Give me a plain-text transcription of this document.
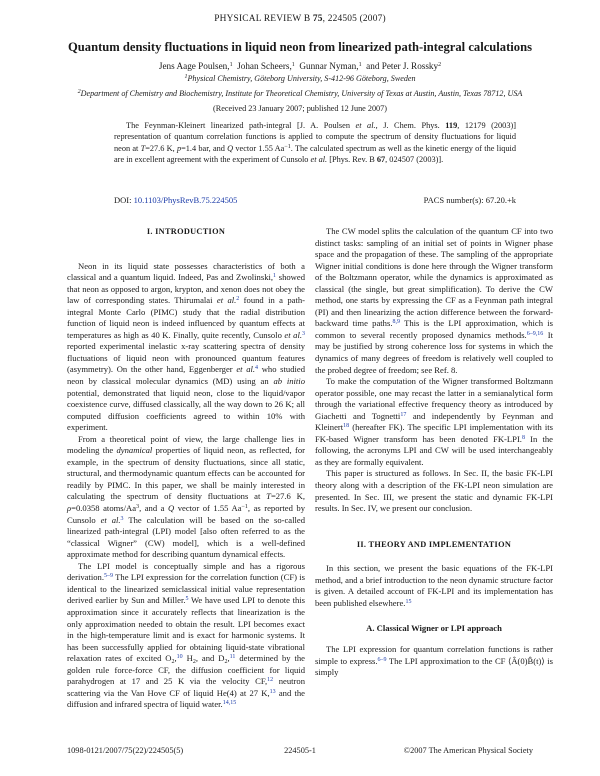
PHYSICAL REVIEW B 75, 224505 (2007)
Quantum density fluctuations in liquid neon from linearized path-integral calculations
Jens Aage Poulsen,$^1$ Johan Scheers,$^1$ Gunnar Nyman,$^1$ and Peter J. Rossky$^2$
$^1$Physical Chemistry, Göteborg University, S-412-96 Göteborg, Sweden
$^2$Department of Chemistry and Biochemistry, Institute for Theoretical Chemistry, University of Texas at Austin, Austin, Texas 78712, USA
(Received 23 January 2007; published 12 June 2007)
The Feynman-Kleinert linearized path-integral [J. A. Poulsen et al., J. Chem. Phys. 119, 12179 (2003)] representation of quantum correlation functions is applied to compute the spectrum of density fluctuations for liquid neon at T=27.6 K, p=1.4 bar, and Q vector 1.55 $Aa^{-1}$. The calculated spectrum as well as the kinetic energy of the liquid are in excellent agreement with the experiment of Cunsolo et al. [Phys. Rev. B 67, 024507 (2003)].
DOI: 10.1103/PhysRevB.75.224505	PACS number(s): 67.20.+k
I. INTRODUCTION

Neon in its liquid state possesses characteristics of both a classical and a quantum liquid. Indeed, Pas and Zwolinski,$^1$ showed that neon as opposed to argon, krypton, and xenon does not obey the law of corresponding states. Thirumalai et al.$^2$ found in a path-integral Monte Carlo (PIMC) study that the radial distribution function of liquid neon is indeed influenced by quantum effects at temperatures as high as 40 K. Finally, quite recently, Cunsolo et al.$^3$ reported experimental inelastic x-ray scattering spectra of density fluctuations of liquid neon with pronounced quantum features (asymmetry). On the other hand, Eggenberger et al.$^4$ who studied neon by classical molecular dynamics (MD) using an ab initio potential, demonstrated that liquid neon, close to the liquid/vapor coexistence curve, diffused classically, all the way down to 26 K; all computed diffusion coefficients agreed to within 10% with experiment.

From a theoretical point of view, the large challenge lies in modeling the dynamical properties of liquid neon, as reflected, for example, in the spectrum of density fluctuations, since all static, structural, and thermodynamic quantum effects can be accounted for readily by PIMC. In this paper, we shall be mainly interested in calculating the spectrum of density fluctuations at T=27.6 K, ρ=0.0358 atoms/Aa$^3$, and a Q vector of 1.55 $Aa^{-1}$, as reported by Cunsolo et al.$^3$ The calculation will be based on the so-called linearized path-integral (LPI) model [also often referred to as the “classical Wigner” (CW) model], which is a well-defined approximate method for describing quantum dynamical effects.

The LPI model is conceptually simple and has a rigorous derivation.$^{5-9}$ The LPI expression for the correlation function (CF) is identical to the linearized semiclassical initial value representation derived earlier by Sun and Miller.$^5$ We have used LPI to denote this approximation since it accurately reflects that linearization is the only approximation needed to obtain the result. LPI becomes exact in the high-temperature limit and is exact for harmonic systems. It has been successfully applied for obtaining liquid-state vibrational relaxation rates of excited $O_2,^{10}$ $H_2$, and $D_2,^{11}$ determined by the golden rule force-force CF, the diffusion coefficient for liquid parahydrogen at 17 and 25 K via the velocity CF,$^{12}$ neutron scattering via the Van Hove CF of liquid He(4) at 27 K,$^{13}$ and the diffusion and infrared spectra of liquid water.$^{14,15}$

The CW model splits the calculation of the quantum CF into two distinct tasks: sampling of an initial set of points in Wigner phase space and the propagation of these. The sampling of the appropriate Wigner initial conditions is done here through the Wigner transform of the Boltzmann operator, while the dynamics is approximated as classical (the single, but great simplification). To derive the CW method, one starts by expressing the CF as a Feynman path integral (PI) and then linearizing the action difference between the forward-backward time paths.$^{8,9}$ This is the LPI approximation, which is common to several recently proposed dynamics methods.$^{6-9,16}$ It may be justified by strong coherence loss for systems in which the dynamics of many degrees of freedom is relatively well coupled to the probed degree of freedom; see Ref. 8.

To make the computation of the Wigner transformed Boltzmann operator possible, one may recast the latter in a semianalytical form through the variational effective frequency theory as introduced by Giachetti and Tognetti$^{17}$ and independently by Feynman and Kleinert$^{18}$ (hereafter FK). The specific LPI implementation with its FK-based Wigner transform has been denoted FK-LPI.$^8$ In the following, the acronyms LPI and CW will be used interchangeably as they are formally equivalent.

This paper is structured as follows. In Sec. II, the basic FK-LPI theory along with a description of the FK-LPI neon simulation are presented. In Sec. III, we present the static and dynamic FK-LPI results. In Sec. IV, we present our conclusion.

II. THEORY AND IMPLEMENTATION

In this section, we present the basic equations of the FK-LPI method, and a brief introduction to the neon dynamic structure factor is given. A detailed account of FK-LPI and its implementation has been published elsewhere.$^{15}$

A. Classical Wigner or LPI approach

The LPI expression for quantum correlation functions is rather simple to express.$^{6-9}$ The LPI approximation to the CF ⟨Â(0)B̂(t)⟩ is simply

1098-0121/2007/75(22)/224505(5)	224505-1	©2007 The American Physical Society
